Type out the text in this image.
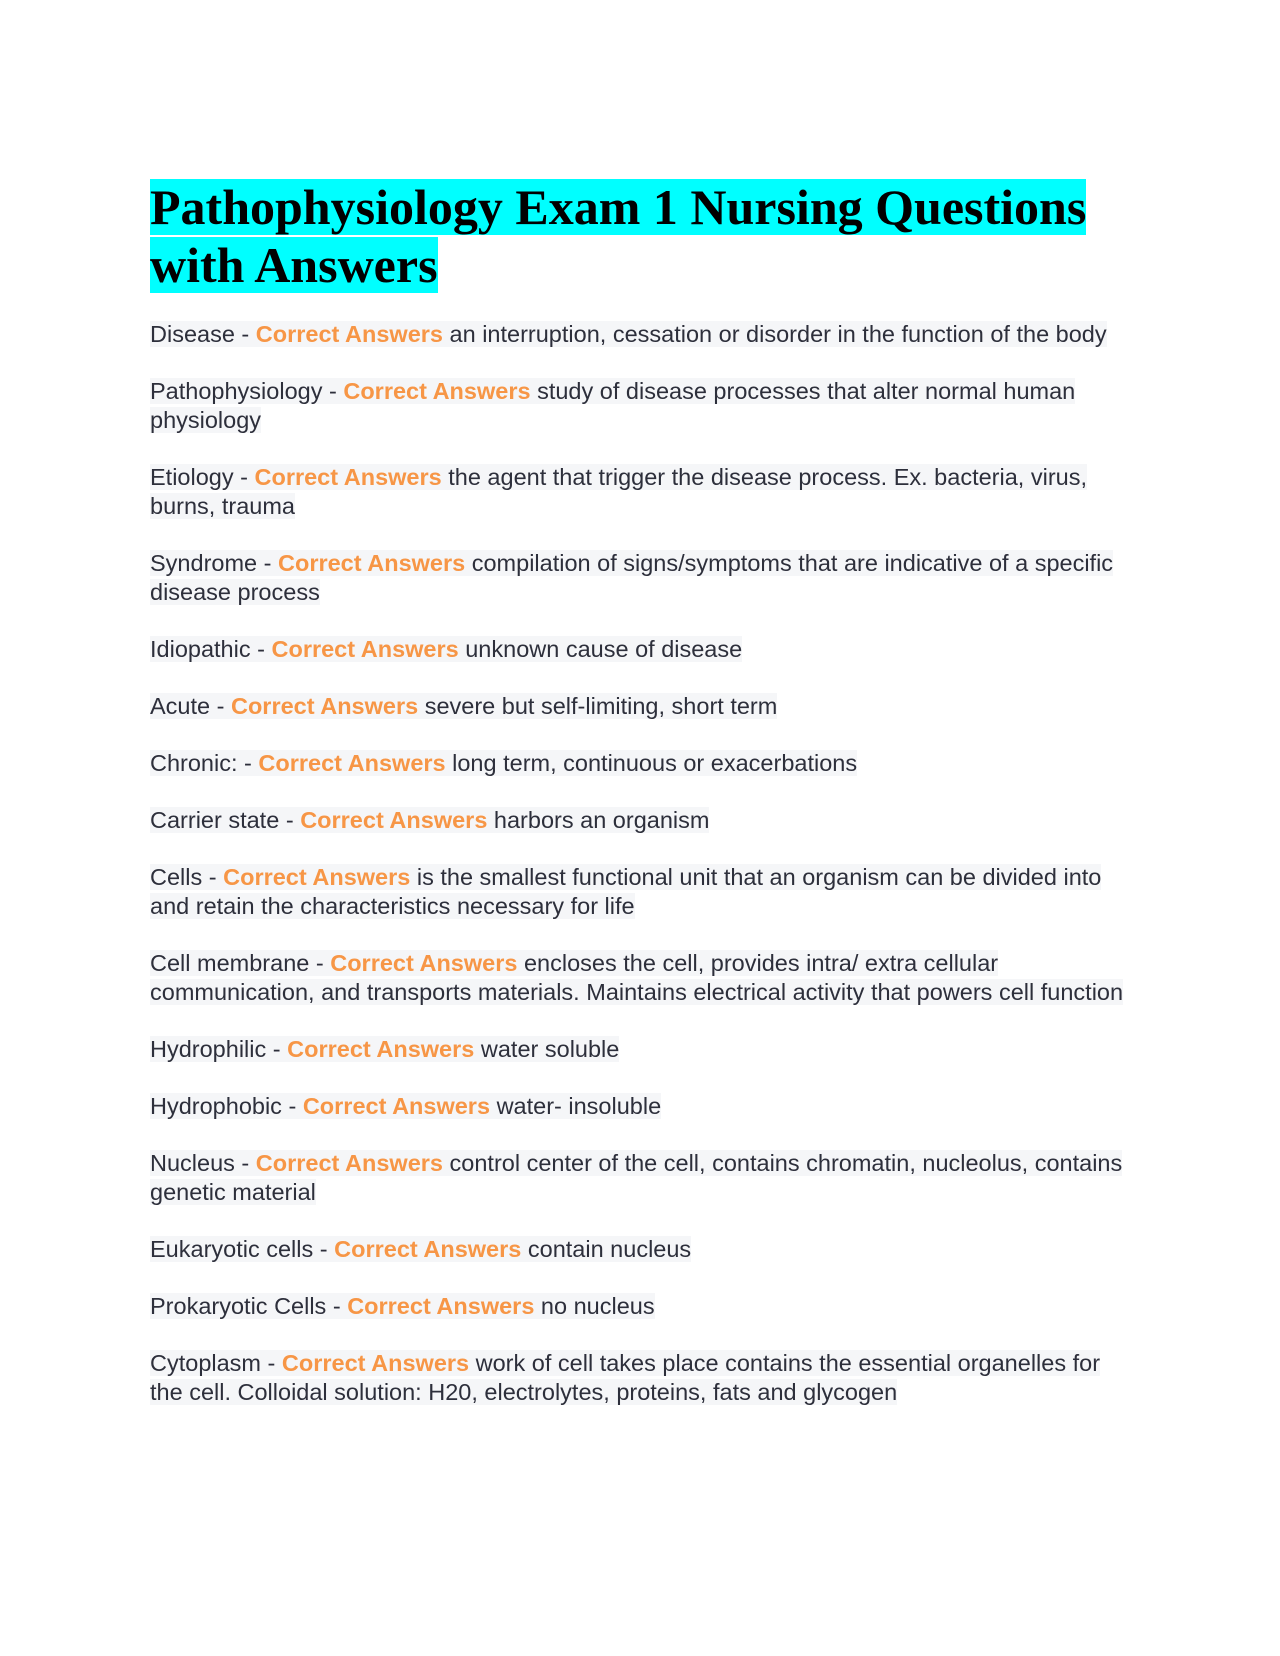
Pathophysiology Exam 1 Nursing Questions with Answers
Disease - Correct Answers an interruption, cessation or disorder in the function of the body
Pathophysiology - Correct Answers study of disease processes that alter normal human physiology
Etiology - Correct Answers the agent that trigger the disease process. Ex. bacteria, virus, burns, trauma
Syndrome - Correct Answers compilation of signs/symptoms that are indicative of a specific disease process
Idiopathic - Correct Answers unknown cause of disease
Acute - Correct Answers severe but self-limiting, short term
Chronic: - Correct Answers long term, continuous or exacerbations
Carrier state - Correct Answers harbors an organism
Cells - Correct Answers is the smallest functional unit that an organism can be divided into and retain the characteristics necessary for life
Cell membrane - Correct Answers encloses the cell, provides intra/ extra cellular communication, and transports materials. Maintains electrical activity that powers cell function
Hydrophilic - Correct Answers water soluble
Hydrophobic - Correct Answers water- insoluble
Nucleus - Correct Answers control center of the cell, contains chromatin, nucleolus, contains genetic material
Eukaryotic cells - Correct Answers contain nucleus
Prokaryotic Cells - Correct Answers no nucleus
Cytoplasm - Correct Answers work of cell takes place contains the essential organelles for the cell. Colloidal solution: H20, electrolytes, proteins, fats and glycogen
